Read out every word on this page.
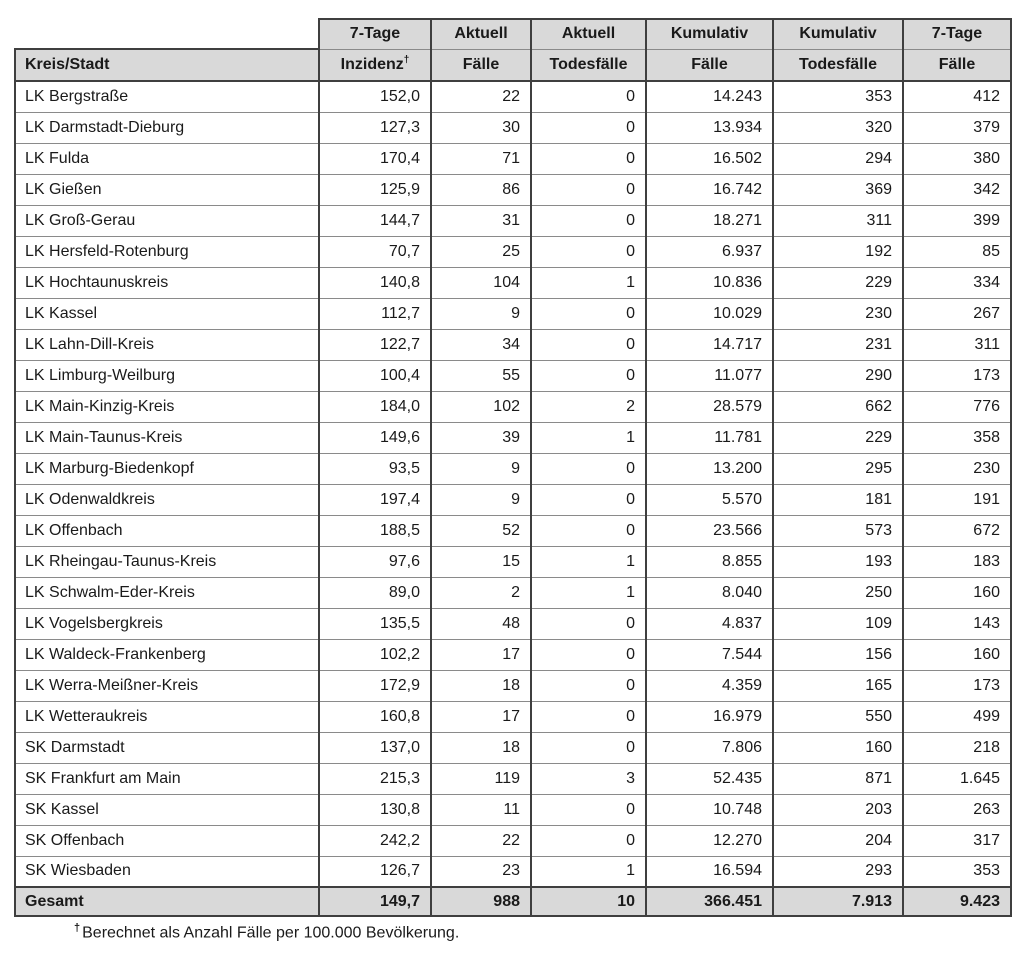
	7-Tage	Aktuell	Aktuell	Kumulativ	Kumulativ	7-Tage
Kreis/Stadt	Inzidenz†	Fälle	Todesfälle	Fälle	Todesfälle	Fälle
LK Bergstraße	152,0	22	0	14.243	353	412
LK Darmstadt-Dieburg	127,3	30	0	13.934	320	379
LK Fulda	170,4	71	0	16.502	294	380
LK Gießen	125,9	86	0	16.742	369	342
LK Groß-Gerau	144,7	31	0	18.271	311	399
LK Hersfeld-Rotenburg	70,7	25	0	6.937	192	85
LK Hochtaunuskreis	140,8	104	1	10.836	229	334
LK Kassel	112,7	9	0	10.029	230	267
LK Lahn-Dill-Kreis	122,7	34	0	14.717	231	311
LK Limburg-Weilburg	100,4	55	0	11.077	290	173
LK Main-Kinzig-Kreis	184,0	102	2	28.579	662	776
LK Main-Taunus-Kreis	149,6	39	1	11.781	229	358
LK Marburg-Biedenkopf	93,5	9	0	13.200	295	230
LK Odenwaldkreis	197,4	9	0	5.570	181	191
LK Offenbach	188,5	52	0	23.566	573	672
LK Rheingau-Taunus-Kreis	97,6	15	1	8.855	193	183
LK Schwalm-Eder-Kreis	89,0	2	1	8.040	250	160
LK Vogelsbergkreis	135,5	48	0	4.837	109	143
LK Waldeck-Frankenberg	102,2	17	0	7.544	156	160
LK Werra-Meißner-Kreis	172,9	18	0	4.359	165	173
LK Wetteraukreis	160,8	17	0	16.979	550	499
SK Darmstadt	137,0	18	0	7.806	160	218
SK Frankfurt am Main	215,3	119	3	52.435	871	1.645
SK Kassel	130,8	11	0	10.748	203	263
SK Offenbach	242,2	22	0	12.270	204	317
SK Wiesbaden	126,7	23	1	16.594	293	353
Gesamt	149,7	988	10	366.451	7.913	9.423
† Berechnet als Anzahl Fälle per 100.000 Bevölkerung.
